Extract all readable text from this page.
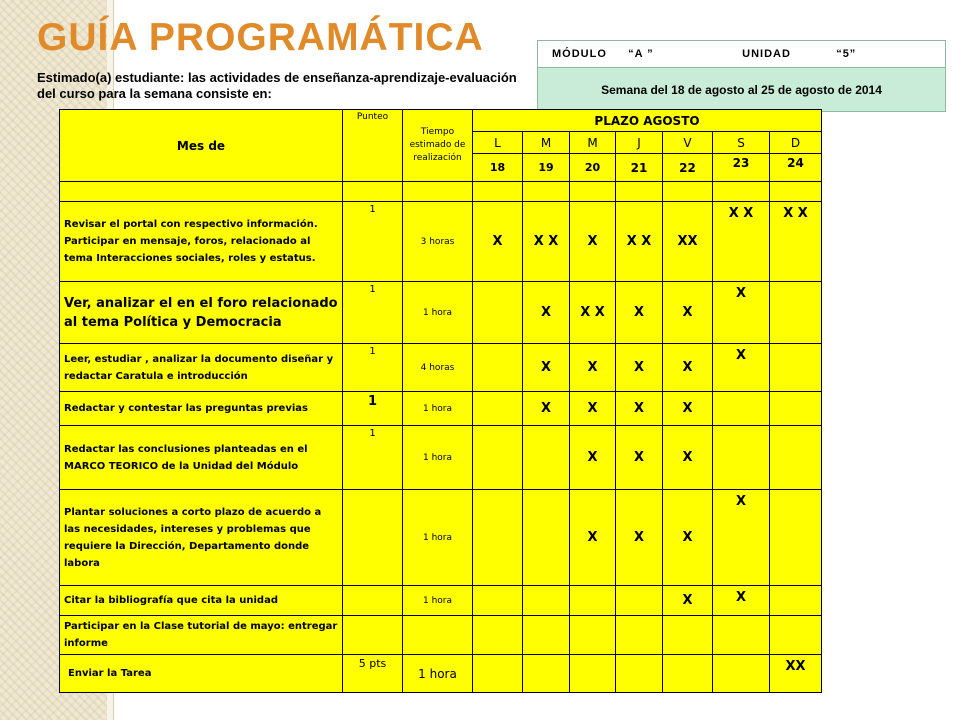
GUÍA PROGRAMÁTICA
Estimado(a) estudiante: las actividades de enseñanza-aprendizaje-evaluación del curso para la semana consiste en:
MÓDULO “A ”	UNIDAD	“5”
Semana del 18 de agosto al 25 de agosto de 2014
Mes de	Punteo	Tiempo estimado de realización	PLAZO AGOSTO						
			L	M	M	J	V	S	D
			18	19	20	21	22	23	24

Revisar el portal con respectivo información. Participar en mensaje, foros, relacionado al tema Interacciones sociales, roles y estatus.	1	3 horas	X	X X	X	X X	XX	X X	X X
Ver, analizar el en el foro relacionado al tema Política y Democracia	1	1 hora		X	X X	X	X	X	
Leer, estudiar , analizar la documento diseñar y redactar Caratula e introducción	1	4 horas		X	X	X	X	X	
Redactar y contestar las preguntas previas	1	1 hora		X	X	X	X		
Redactar las conclusiones planteadas en el MARCO TEORICO de la Unidad del Módulo	1	1 hora			X	X	X		
Plantar soluciones a corto plazo de acuerdo a las necesidades, intereses y problemas que requiere la Dirección, Departamento donde labora		1 hora			X	X	X	X	
Citar la bibliografía que cita la unidad		1 hora					X	X	
Participar en la Clase tutorial de mayo: entregar informe									
Enviar la Tarea	5 pts	1 hora							XX
